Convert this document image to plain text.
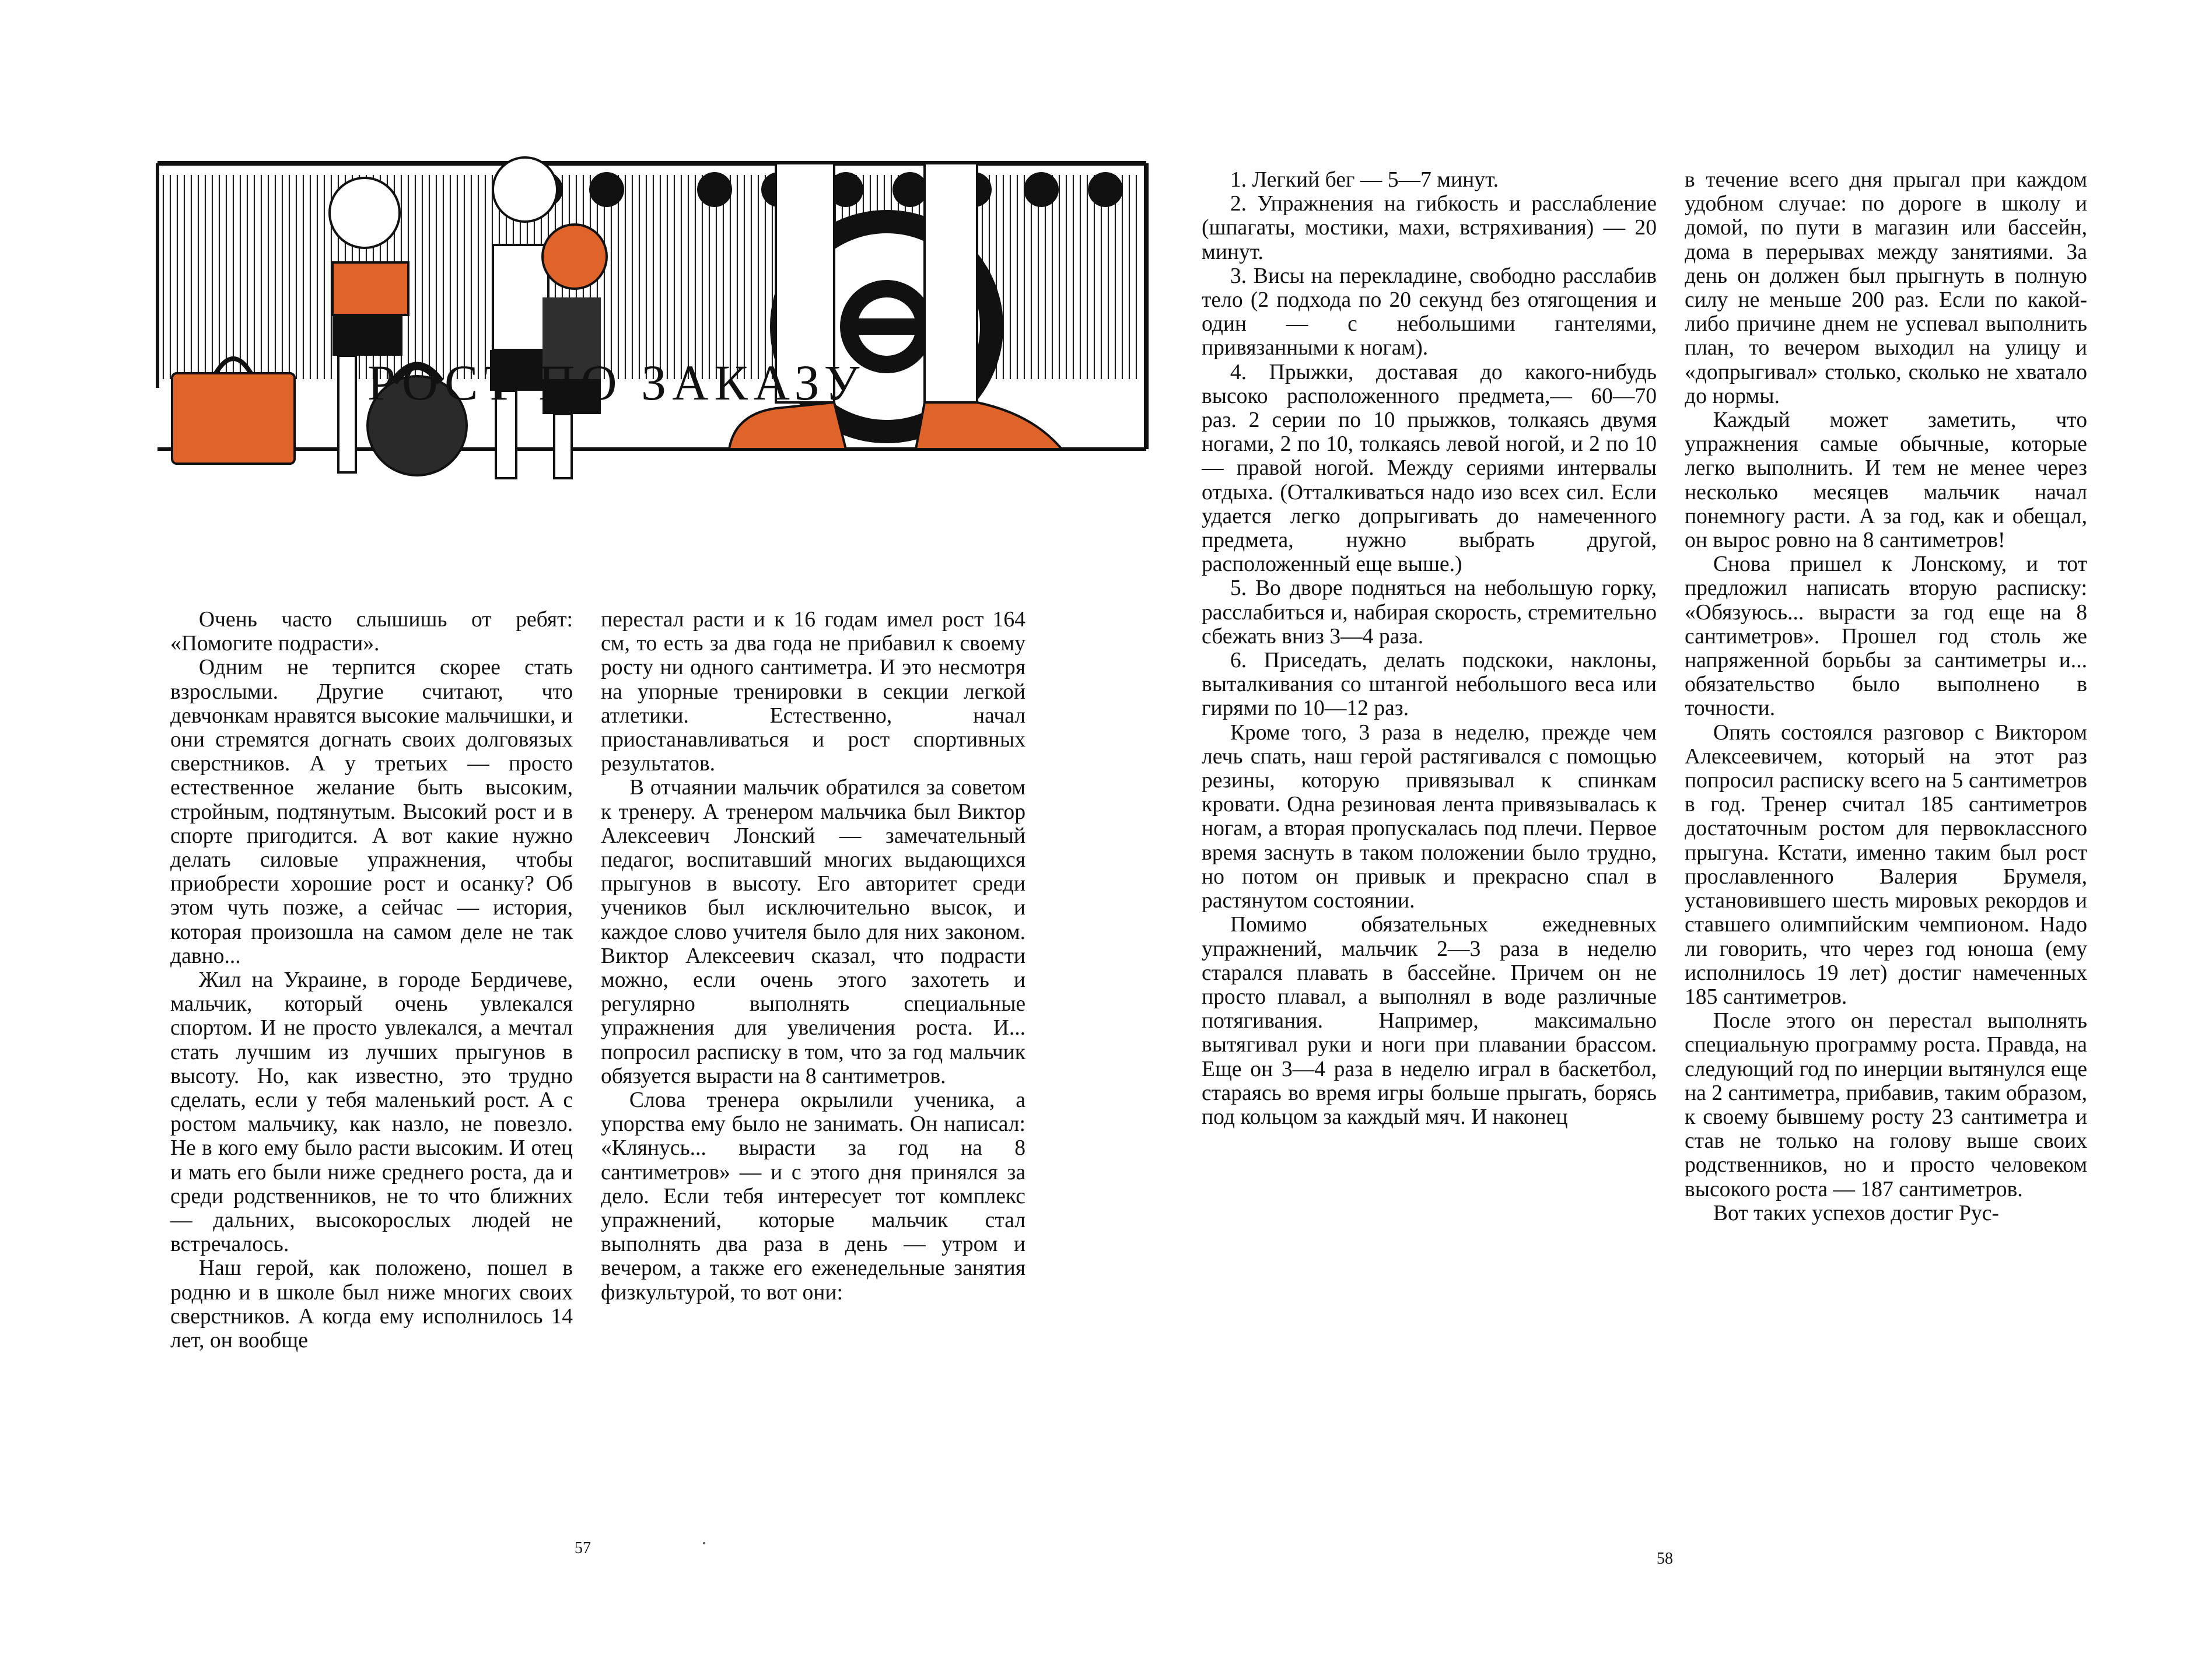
РОСТ ПО ЗАКАЗУ

Очень часто слышишь от ребят: «Помогите подрасти».

Одним не терпится скорее стать взрослыми. Другие считают, что девчонкам нравятся высокие мальчишки, и они стремятся догнать своих долговязых сверстников. А у третьих — просто естественное желание быть высоким, стройным, подтянутым. Высокий рост и в спорте пригодится. А вот какие нужно делать силовые упражнения, чтобы приобрести хорошие рост и осанку? Об этом чуть позже, а сейчас — история, которая произошла на самом деле не так давно...

Жил на Украине, в городе Бердичеве, мальчик, который очень увлекался спортом. И не просто увлекался, а мечтал стать лучшим из лучших прыгунов в высоту. Но, как известно, это трудно сделать, если у тебя маленький рост. А с ростом мальчику, как назло, не повезло. Не в кого ему было расти высоким. И отец и мать его были ниже среднего роста, да и среди родственников, не то что ближних — дальних, высокорослых людей не встречалось.

Наш герой, как положено, пошел в родню и в школе был ниже многих своих сверстников. А когда ему исполнилось 14 лет, он вообще

перестал расти и к 16 годам имел рост 164 см, то есть за два года не прибавил к своему росту ни одного сантиметра. И это несмотря на упорные тренировки в секции легкой атлетики. Естественно, начал приостанавливаться и рост спортивных результатов.

В отчаянии мальчик обратился за советом к тренеру. А тренером мальчика был Виктор Алексеевич Лонский — замечательный педагог, воспитавший многих выдающихся прыгунов в высоту. Его авторитет среди учеников был исключительно высок, и каждое слово учителя было для них законом. Виктор Алексеевич сказал, что подрасти можно, если очень этого захотеть и регулярно выполнять специальные упражнения для увеличения роста. И... попросил расписку в том, что за год мальчик обязуется вырасти на 8 сантиметров.

Слова тренера окрылили ученика, а упорства ему было не занимать. Он написал: «Клянусь... вырасти за год на 8 сантиметров» — и с этого дня принялся за дело. Если тебя интересует тот комплекс упражнений, которые мальчик стал выполнять два раза в день — утром и вечером, а также его еженедельные занятия физкультурой, то вот они:

1. Легкий бег — 5—7 минут.

2. Упражнения на гибкость и расслабление (шпагаты, мостики, махи, встряхивания) — 20 минут.

3. Висы на перекладине, свободно расслабив тело (2 подхода по 20 секунд без отягощения и один — с небольшими гантелями, привязанными к ногам).

4. Прыжки, доставая до какого-нибудь высоко расположенного предмета,— 60—70 раз. 2 серии по 10 прыжков, толкаясь двумя ногами, 2 по 10, толкаясь левой ногой, и 2 по 10 — правой ногой. Между сериями интервалы отдыха. (Отталкиваться надо изо всех сил. Если удается легко допрыгивать до намеченного предмета, нужно выбрать другой, расположенный еще выше.)

5. Во дворе подняться на небольшую горку, расслабиться и, набирая скорость, стремительно сбежать вниз 3—4 раза.

6. Приседать, делать подскоки, наклоны, выталкивания со штангой небольшого веса или гирями по 10—12 раз.

Кроме того, 3 раза в неделю, прежде чем лечь спать, наш герой растягивался с помощью резины, которую привязывал к спинкам кровати. Одна резиновая лента привязывалась к ногам, а вторая пропускалась под плечи. Первое время заснуть в таком положении было трудно, но потом он привык и прекрасно спал в растянутом состоянии.

Помимо обязательных ежедневных упражнений, мальчик 2—3 раза в неделю старался плавать в бассейне. Причем он не просто плавал, а выполнял в воде различные потягивания. Например, максимально вытягивал руки и ноги при плавании брассом. Еще он 3—4 раза в неделю играл в баскетбол, стараясь во время игры больше прыгать, борясь под кольцом за каждый мяч. И наконец

в течение всего дня прыгал при каждом удобном случае: по дороге в школу и домой, по пути в магазин или бассейн, дома в перерывах между занятиями. За день он должен был прыгнуть в полную силу не меньше 200 раз. Если по какой-либо причине днем не успевал выполнить план, то вечером выходил на улицу и «допрыгивал» столько, сколько не хватало до нормы.

Каждый может заметить, что упражнения самые обычные, которые легко выполнить. И тем не менее через несколько месяцев мальчик начал понемногу расти. А за год, как и обещал, он вырос ровно на 8 сантиметров!

Снова пришел к Лонскому, и тот предложил написать вторую расписку: «Обязуюсь... вырасти за год еще на 8 сантиметров». Прошел год столь же напряженной борьбы за сантиметры и... обязательство было выполнено в точности.

Опять состоялся разговор с Виктором Алексеевичем, который на этот раз попросил расписку всего на 5 сантиметров в год. Тренер считал 185 сантиметров достаточным ростом для первоклассного прыгуна. Кстати, именно таким был рост прославленного Валерия Брумеля, установившего шесть мировых рекордов и ставшего олимпийским чемпионом. Надо ли говорить, что через год юноша (ему исполнилось 19 лет) достиг намеченных 185 сантиметров.

После этого он перестал выполнять специальную программу роста. Правда, на следующий год по инерции вытянулся еще на 2 сантиметра, прибавив, таким образом, к своему бывшему росту 23 сантиметра и став не только на голову выше своих родственников, но и просто человеком высокого роста — 187 сантиметров.

Вот таких успехов достиг Рус-

57
58
